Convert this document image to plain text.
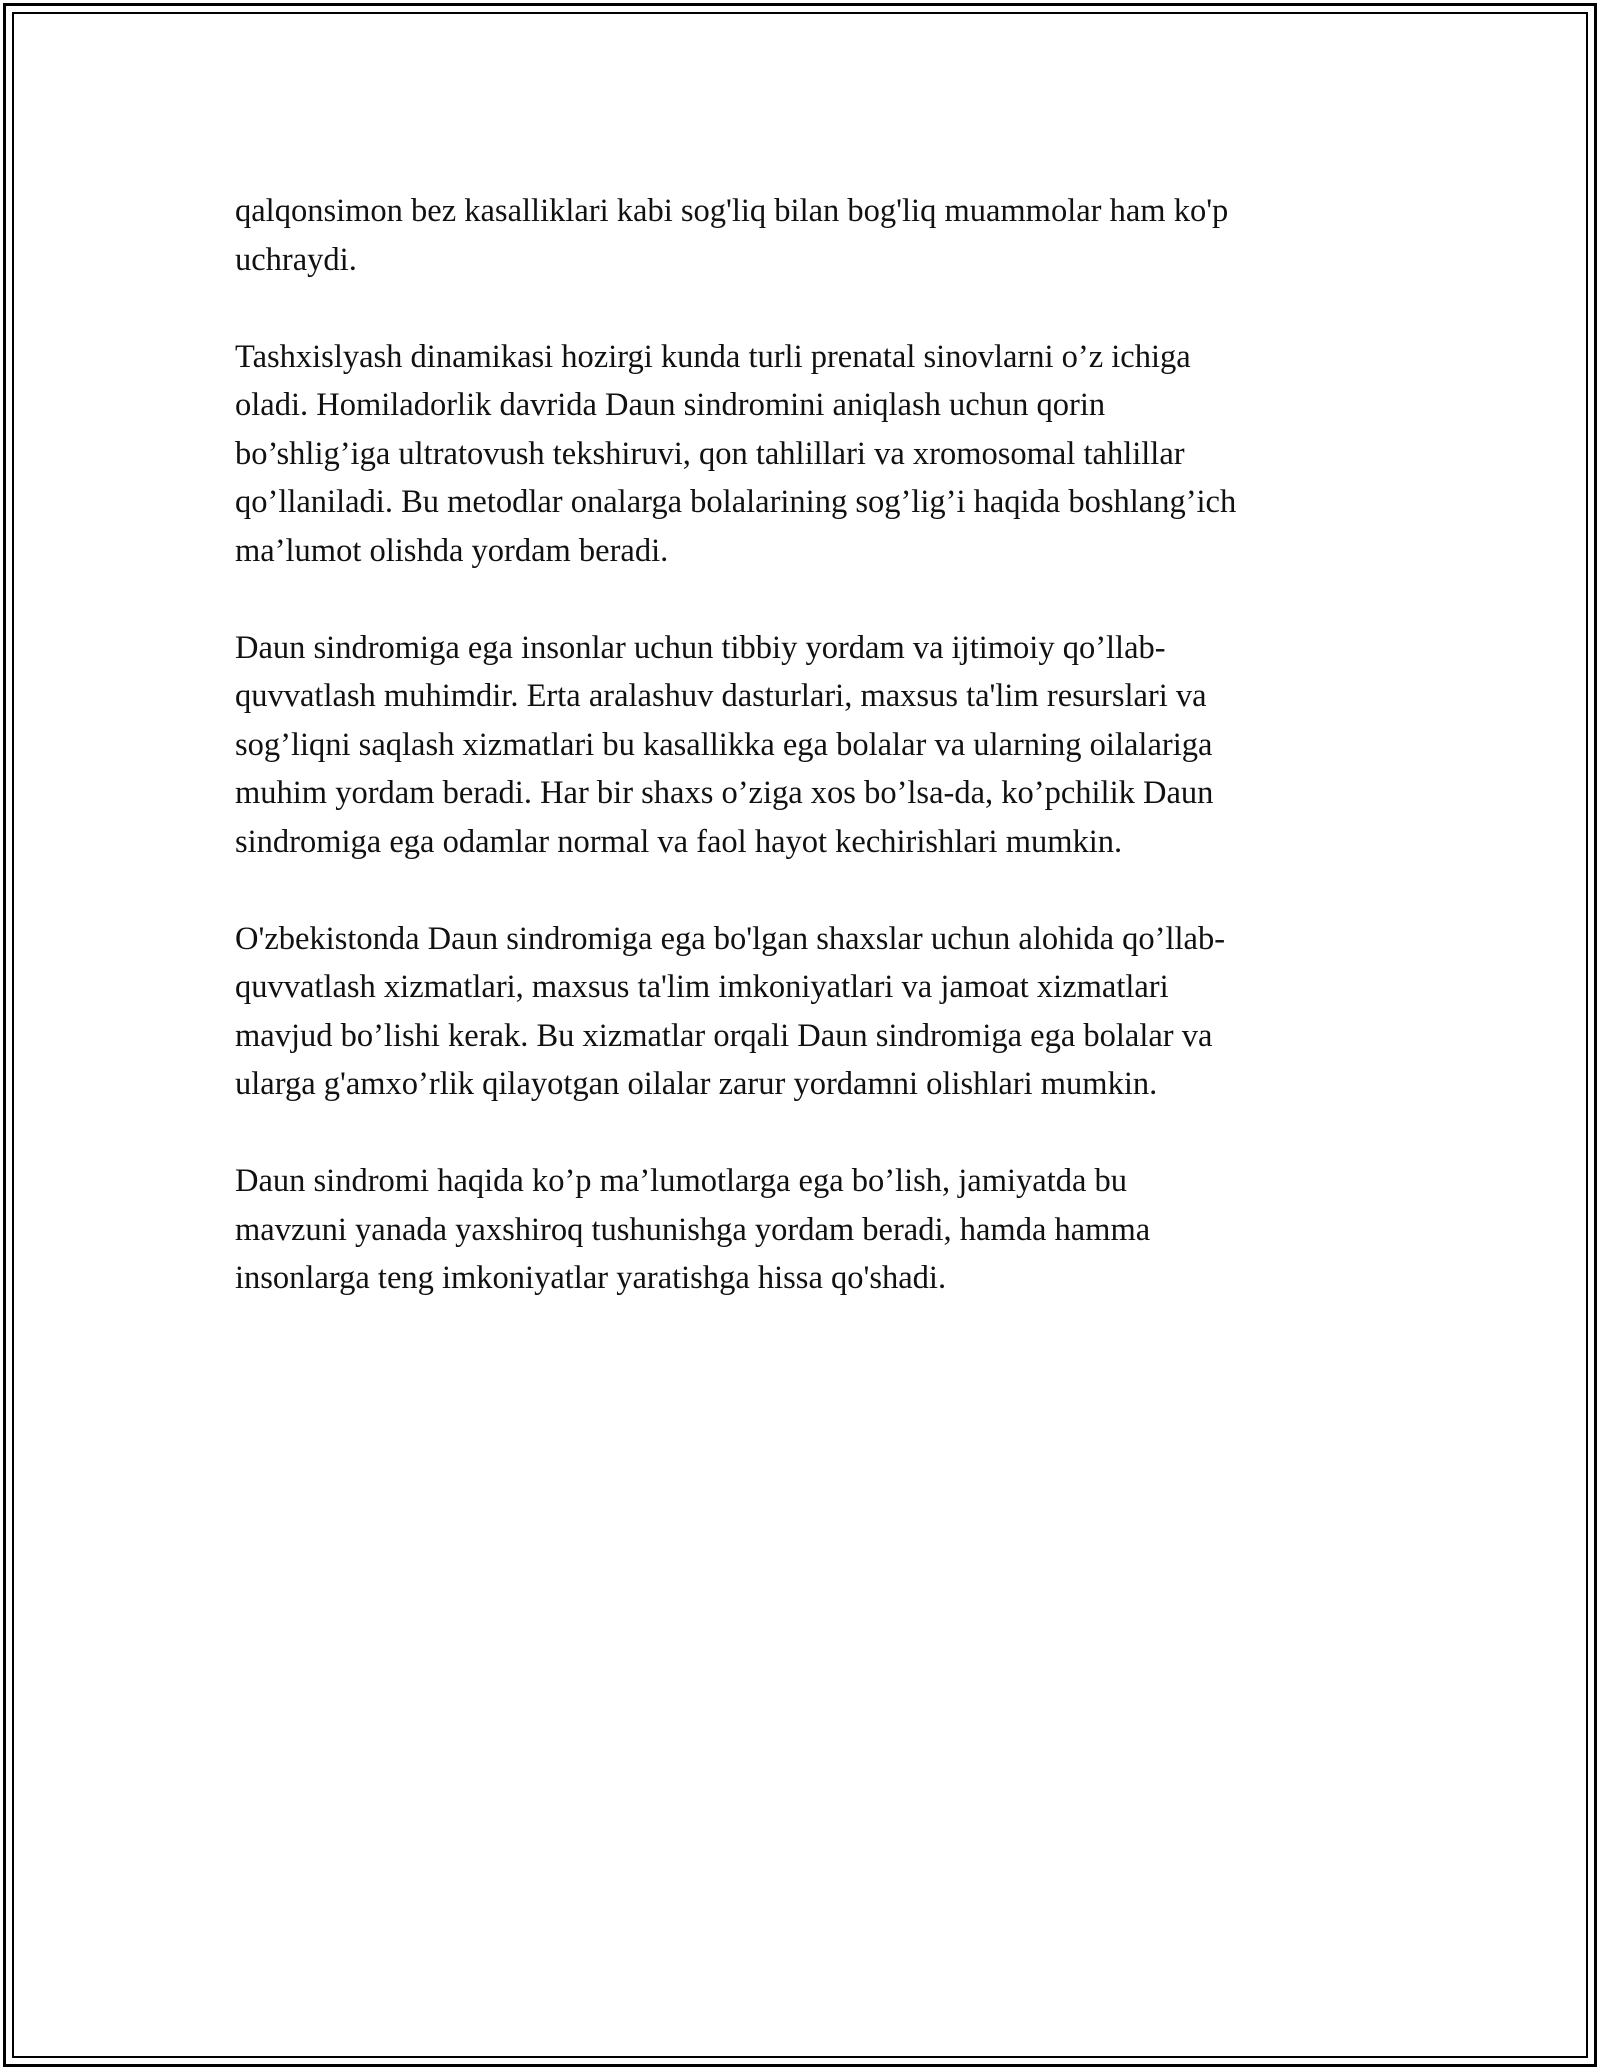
qalqonsimon bez kasalliklari kabi sog'liq bilan bog'liq muammolar ham ko'p
uchraydi.

Tashxislyash dinamikasi hozirgi kunda turli prenatal sinovlarni o’z ichiga
oladi. Homiladorlik davrida Daun sindromini aniqlash uchun qorin
bo’shlig’iga ultratovush tekshiruvi, qon tahlillari va xromosomal tahlillar
qo’llaniladi. Bu metodlar onalarga bolalarining sog’lig’i haqida boshlang’ich
ma’lumot olishda yordam beradi.

Daun sindromiga ega insonlar uchun tibbiy yordam va ijtimoiy qo’llab-
quvvatlash muhimdir. Erta aralashuv dasturlari, maxsus ta'lim resurslari va
sog’liqni saqlash xizmatlari bu kasallikka ega bolalar va ularning oilalariga
muhim yordam beradi. Har bir shaxs o’ziga xos bo’lsa-da, ko’pchilik Daun
sindromiga ega odamlar normal va faol hayot kechirishlari mumkin.

O'zbekistonda Daun sindromiga ega bo'lgan shaxslar uchun alohida qo’llab-
quvvatlash xizmatlari, maxsus ta'lim imkoniyatlari va jamoat xizmatlari
mavjud bo’lishi kerak. Bu xizmatlar orqali Daun sindromiga ega bolalar va
ularga g'amxo’rlik qilayotgan oilalar zarur yordamni olishlari mumkin.

Daun sindromi haqida ko’p ma’lumotlarga ega bo’lish, jamiyatda bu
mavzuni yanada yaxshiroq tushunishga yordam beradi, hamda hamma
insonlarga teng imkoniyatlar yaratishga hissa qo'shadi.
